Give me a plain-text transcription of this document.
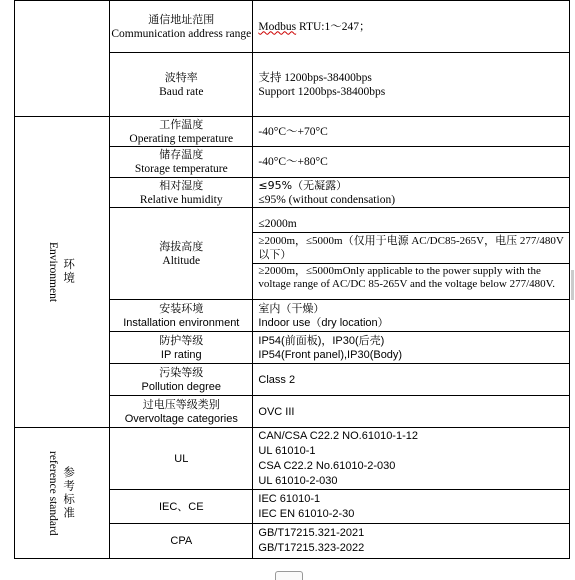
	通信地址范围
Communication address range	Modbus RTU:1～247；

	波特率
Baud rate	支持 1200bps-38400bps
Support 1200bps-38400bps

Environment 环境	工作温度
Operating temperature	-40°C～+70°C

	储存温度
Storage temperature	-40°C～+80°C

	相对湿度
Relative humidity	≤95%（无凝露）
≤95% (without condensation)

	海拔高度
Altitude	≤2000m
≥2000m，≤5000m（仅用于电源 AC/DC85-265V，电压 277/480V 以下）
≥2000m，≤5000mOnly applicable to the power supply with the voltage range of AC/DC 85-265V and the voltage below 277/480V.

	安装环境
Installation environment	室内（干燥）
Indoor use（dry location）

	防护等级
IP rating	IP54(前面板)，IP30(后壳)
IP54(Front panel),IP30(Body)

	污染等级
Pollution degree	Class 2

	过电压等级类别
Overvoltage categories	OVC III

reference standard 参考标准	UL	CAN/CSA C22.2 NO.61010-1-12
UL 61010-1
CSA C22.2 No.61010-2-030
UL 61010-2-030

	IEC、CE	IEC 61010-1
IEC EN 61010-2-30

	CPA	GB/T17215.321-2021
GB/T17215.323-2022
